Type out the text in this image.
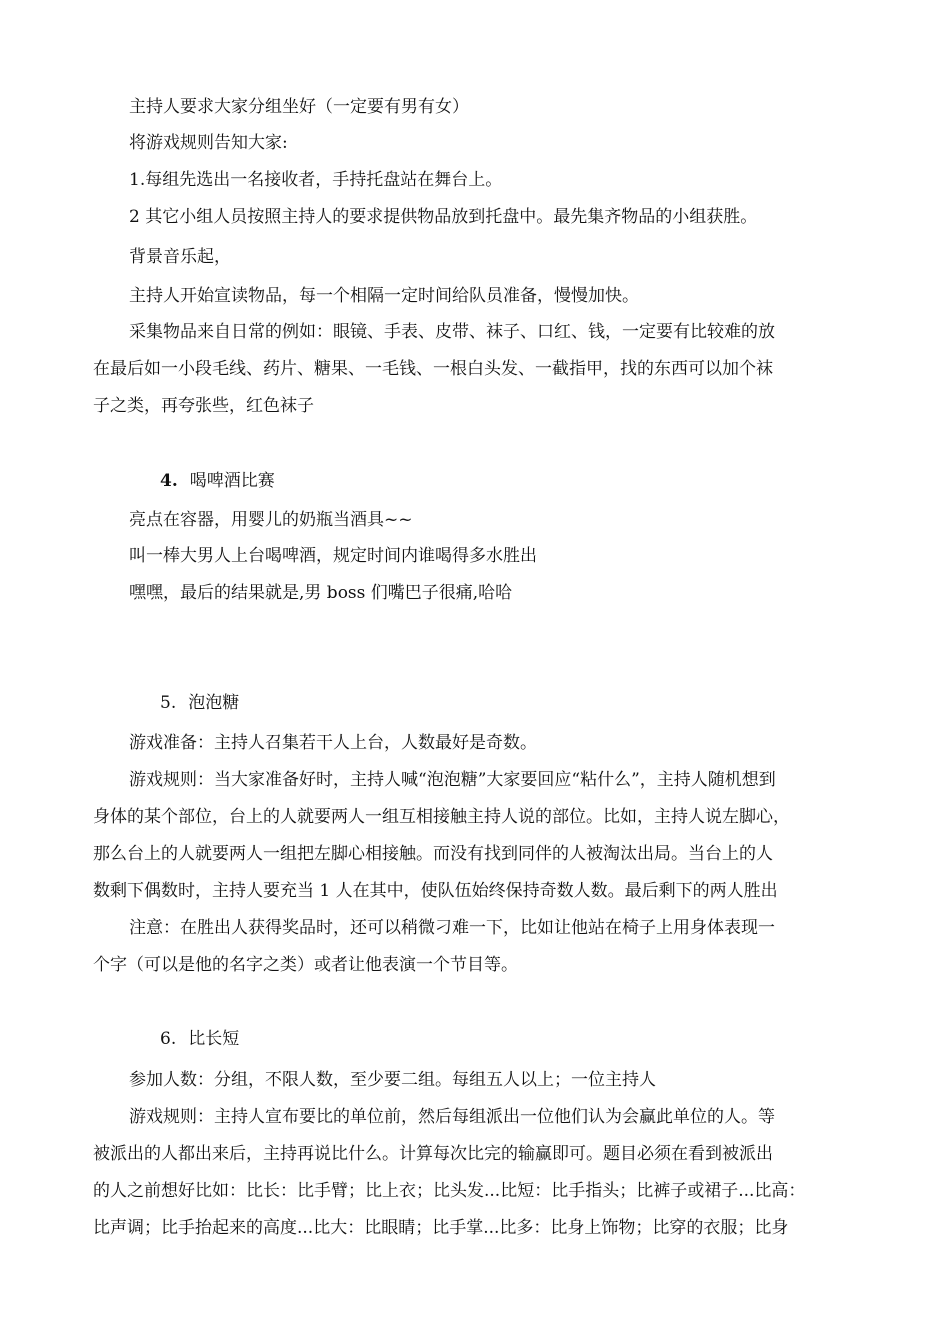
主持人要求大家分组坐好（一定要有男有女）
将游戏规则告知大家:
1.每组先选出一名接收者，手持托盘站在舞台上。
2 其它小组人员按照主持人的要求提供物品放到托盘中。最先集齐物品的小组获胜。
背景音乐起，
主持人开始宣读物品，每一个相隔一定时间给队员准备，慢慢加快。
采集物品来自日常的例如：眼镜、手表、皮带、袜子、口红、钱，一定要有比较难的放
在最后如一小段毛线、药片、糖果、一毛钱、一根白头发、一截指甲，找的东西可以加个袜
子之类，再夸张些，红色袜子
4. 喝啤酒比赛
亮点在容器，用婴儿的奶瓶当酒具~~
叫一棒大男人上台喝啤酒，规定时间内谁喝得多水胜出
嘿嘿，最后的结果就是,男 boss 们嘴巴子很痛,哈哈
5. 泡泡糖
游戏准备：主持人召集若干人上台，人数最好是奇数。
游戏规则：当大家准备好时，主持人喊“泡泡糖”大家要回应“粘什么”，主持人随机想到
身体的某个部位，台上的人就要两人一组互相接触主持人说的部位。比如，主持人说左脚心，
那么台上的人就要两人一组把左脚心相接触。而没有找到同伴的人被淘汰出局。当台上的人
数剩下偶数时，主持人要充当 1 人在其中，使队伍始终保持奇数人数。最后剩下的两人胜出
注意：在胜出人获得奖品时，还可以稍微刁难一下，比如让他站在椅子上用身体表现一
个字（可以是他的名字之类）或者让他表演一个节目等。
6. 比长短
参加人数：分组，不限人数，至少要二组。每组五人以上；一位主持人
游戏规则：主持人宣布要比的单位前，然后每组派出一位他们认为会赢此单位的人。等
被派出的人都出来后，主持再说比什么。计算每次比完的输赢即可。题目必须在看到被派出
的人之前想好比如：比长：比手臂；比上衣；比头发...比短：比手指头；比裤子或裙子...比高：
比声调；比手抬起来的高度...比大：比眼睛；比手掌...比多：比身上饰物；比穿的衣服；比身
